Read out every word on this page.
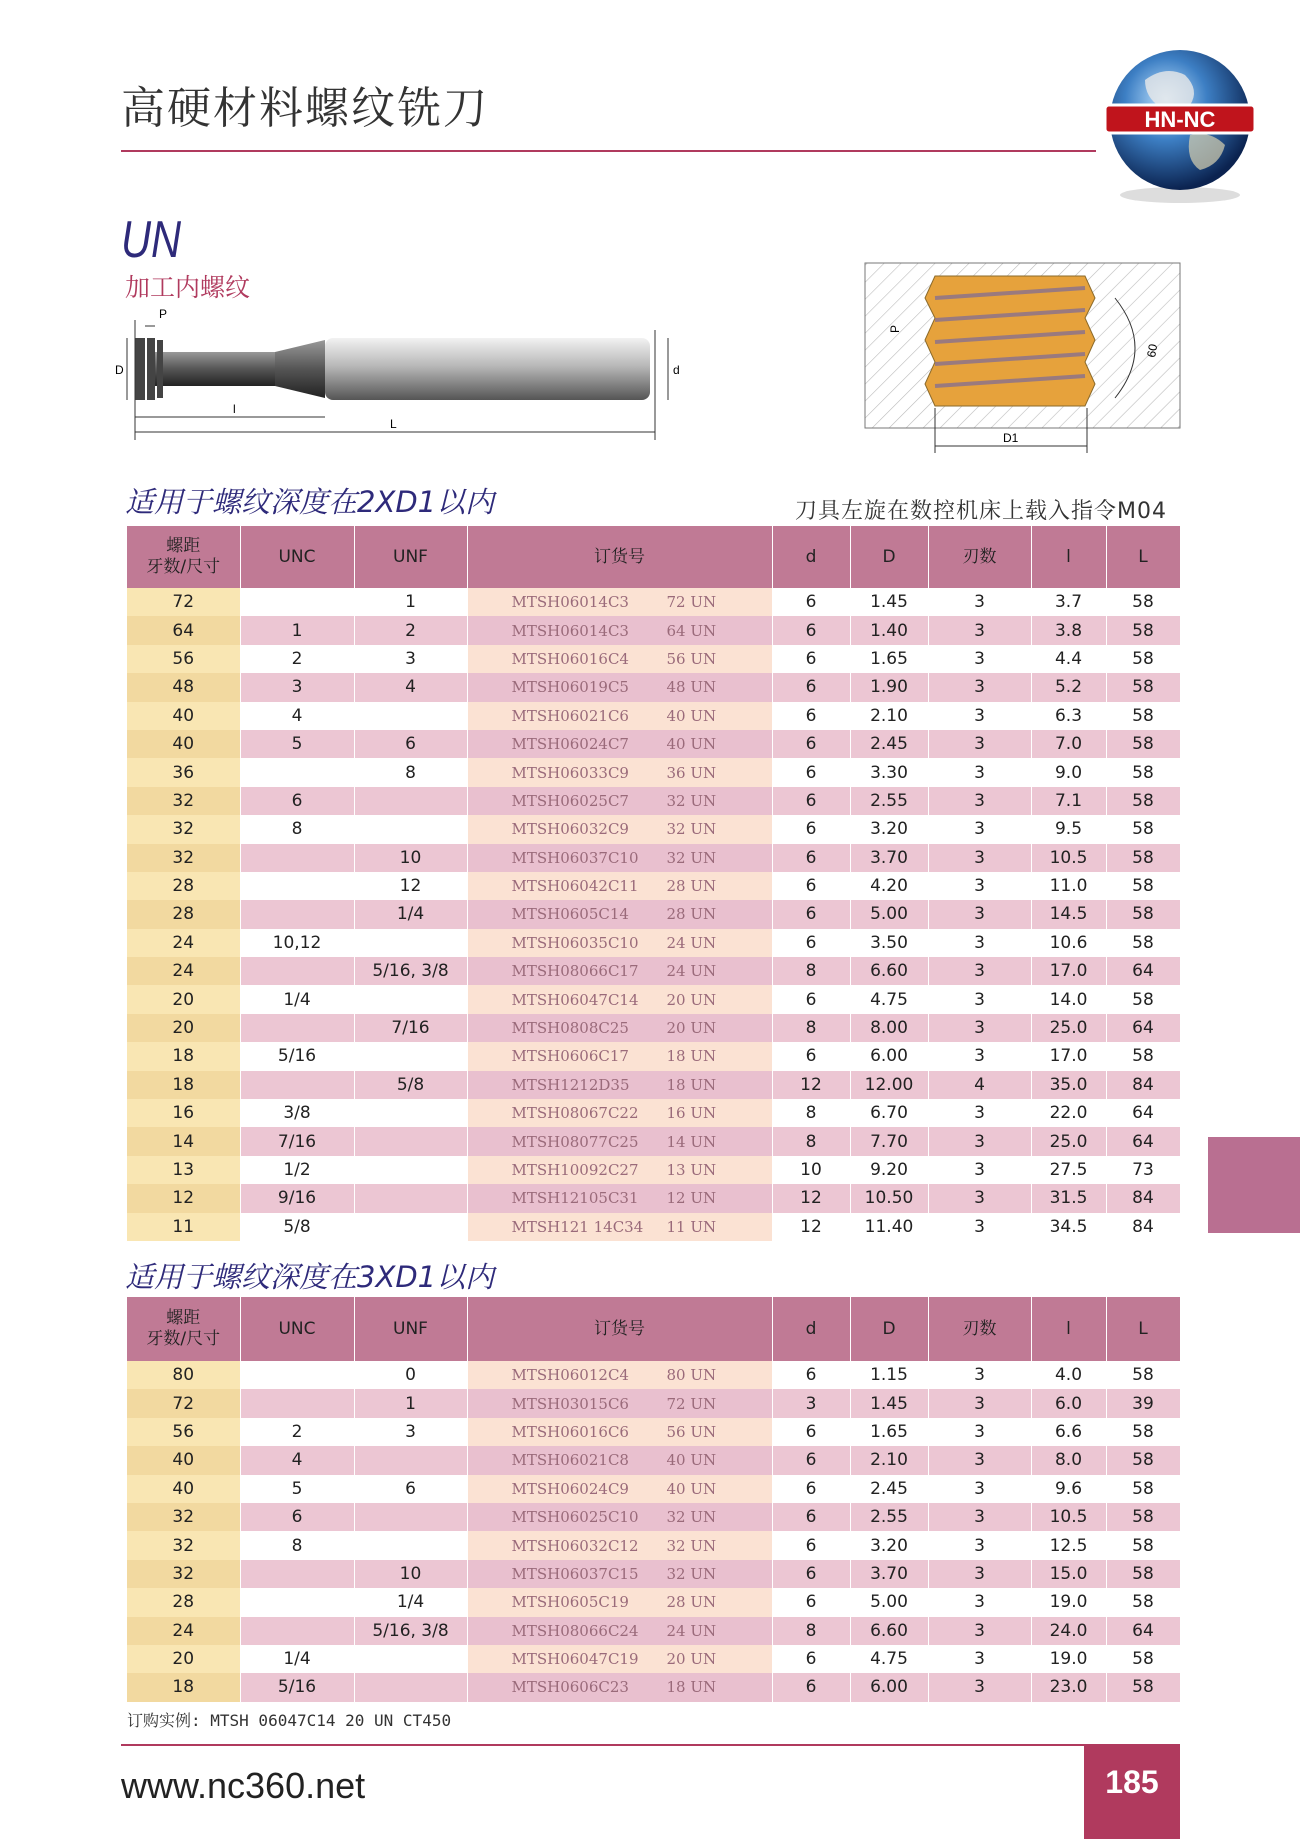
高硬材料螺纹铣刀	HN-NC
UN
加工内螺纹
P
D	d
l
L
P
60
D1
适用于螺纹深度在2XD1以内	刀具左旋在数控机床上载入指令M04
螺距
牙数/尺寸	UNC	UNF	订货号	d	D	刃数	l	L
72		1	MTSH06014C3 72 UN	6	1.45	3	3.7	58
64	1	2	MTSH06014C3 64 UN	6	1.40	3	3.8	58
56	2	3	MTSH06016C4 56 UN	6	1.65	3	4.4	58
48	3	4	MTSH06019C5 48 UN	6	1.90	3	5.2	58
40	4		MTSH06021C6 40 UN	6	2.10	3	6.3	58
40	5	6	MTSH06024C7 40 UN	6	2.45	3	7.0	58
36		8	MTSH06033C9 36 UN	6	3.30	3	9.0	58
32	6		MTSH06025C7 32 UN	6	2.55	3	7.1	58
32	8		MTSH06032C9 32 UN	6	3.20	3	9.5	58
32		10	MTSH06037C10 32 UN	6	3.70	3	10.5	58
28		12	MTSH06042C11 28 UN	6	4.20	3	11.0	58
28		1/4	MTSH0605C14 28 UN	6	5.00	3	14.5	58
24	10,12		MTSH06035C10 24 UN	6	3.50	3	10.6	58
24		5/16, 3/8	MTSH08066C17 24 UN	8	6.60	3	17.0	64
20	1/4		MTSH06047C14 20 UN	6	4.75	3	14.0	58
20		7/16	MTSH0808C25 20 UN	8	8.00	3	25.0	64
18	5/16		MTSH0606C17 18 UN	6	6.00	3	17.0	58
18		5/8	MTSH1212D35 18 UN	12	12.00	4	35.0	84
16	3/8		MTSH08067C22 16 UN	8	6.70	3	22.0	64
14	7/16		MTSH08077C25 14 UN	8	7.70	3	25.0	64
13	1/2		MTSH10092C27 13 UN	10	9.20	3	27.5	73
12	9/16		MTSH12105C31 12 UN	12	10.50	3	31.5	84
11	5/8		MTSH121 14C34 11 UN	12	11.40	3	34.5	84
适用于螺纹深度在3XD1以内
螺距
牙数/尺寸	UNC	UNF	订货号	d	D	刃数	l	L
80		0	MTSH06012C4 80 UN	6	1.15	3	4.0	58
72		1	MTSH03015C6 72 UN	3	1.45	3	6.0	39
56	2	3	MTSH06016C6 56 UN	6	1.65	3	6.6	58
40	4		MTSH06021C8 40 UN	6	2.10	3	8.0	58
40	5	6	MTSH06024C9 40 UN	6	2.45	3	9.6	58
32	6		MTSH06025C10 32 UN	6	2.55	3	10.5	58
32	8		MTSH06032C12 32 UN	6	3.20	3	12.5	58
32		10	MTSH06037C15 32 UN	6	3.70	3	15.0	58
28		1/4	MTSH0605C19 28 UN	6	5.00	3	19.0	58
24		5/16, 3/8	MTSH08066C24 24 UN	8	6.60	3	24.0	64
20	1/4		MTSH06047C19 20 UN	6	4.75	3	19.0	58
18	5/16		MTSH0606C23 18 UN	6	6.00	3	23.0	58
订购实例: MTSH 06047C14 20 UN CT450
www.nc360.net	185
